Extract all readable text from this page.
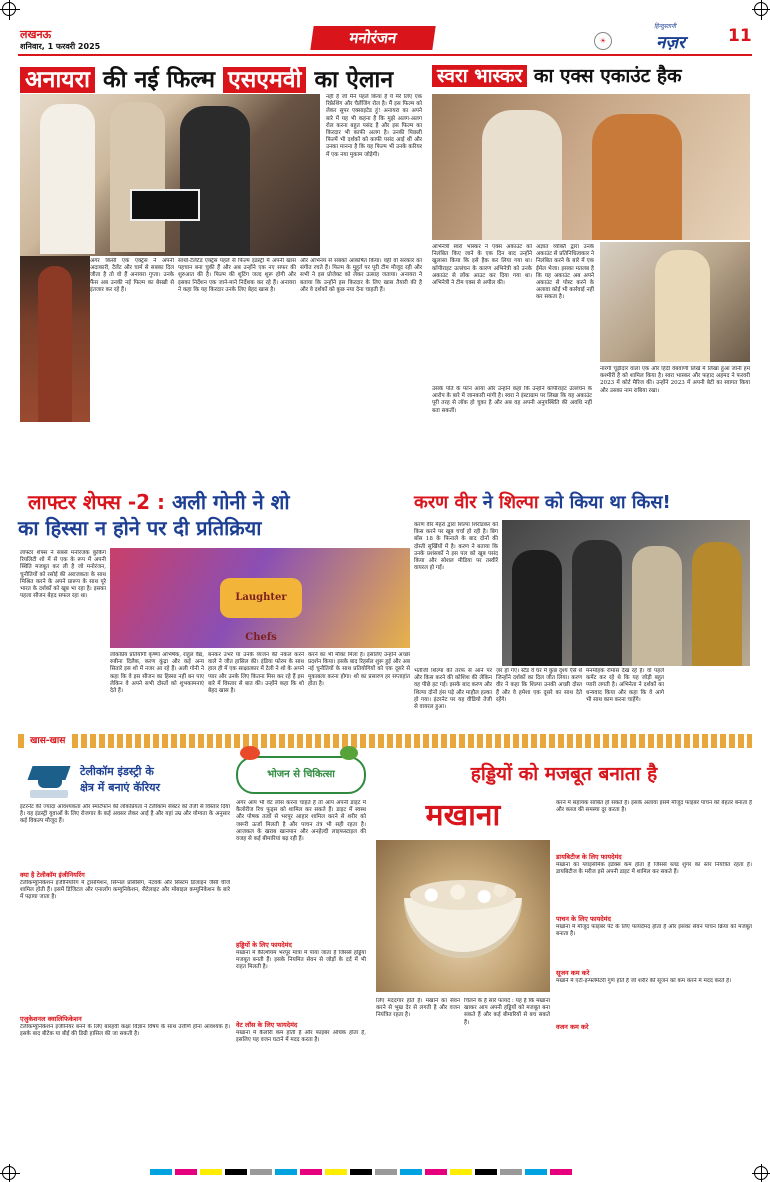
लखनऊ
शनिवार, 1 फरवरी 2025	मनोरंजन	☀
हिन्दुस्तानी
नज़र	11
अनायरा की नई फिल्म एसएमवी का ऐलान
नहीं है जो मैंने पहले किया है ये मेरे लिए एक रिफ्रेशिंग और चैलेंजिंग रोल है। मैं इस फिल्म को लेकर सुपर एक्साइटेड हूं! अनायरा का अपने बारे में यह भी कहना है कि मुझे अलग-अलग रोल करना बहुत पसंद है और इस फिल्म का किरदार भी काफी अलग है। उनकी पिछली फिल्में भी दर्शकों को काफी पसंद आई थीं और उनका मानना है कि यह फिल्म भी उनके करियर में एक नया मुकाम जोड़ेगी।
अगर किसी एक एक्ट्रेस ने अपनी अदाकारी, टैलेंट और चार्म से सबका दिल जीता है तो वो हैं अनायरा गुप्ता। उनके फैंस अब उनकी नई फिल्म का बेसब्री से इंतजार कर रहे हैं।
साथी-टैलेंटेड एक्ट्रेस पहले से फिल्म इंडस्ट्री में अपनी खास पहचान बना चुकी हैं और अब उन्होंने एक नए सफर की शुरुआत की है। फिल्म की शूटिंग जल्द शुरू होगी और इसका निर्देशन एक जाने-माने निर्देशक कर रहे हैं। अनायरा ने कहा कि यह किरदार उनके लिए बेहद खास है।
और अभिनय से सबको आकर्षित किया। वहीं वो सरकार का संगीत रचते हैं। फिल्म के मुहूर्त पर पूरी टीम मौजूद रही और सभी ने इस प्रोजेक्ट को लेकर उत्साह जताया। अनायरा ने बताया कि उन्होंने इस किरदार के लिए खास तैयारी की है और वे दर्शकों को कुछ नया देना चाहती हैं।
स्वरा भास्कर का एक्स एकाउंट हैक
अभिनेत्री स्वरा भास्कर ने एक्स अकाउंट को निलंबित किए जाने के एक दिन बाद उन्होंने खुलासा किया कि इसे हैक कर लिया गया था। कॉपीराइट उल्लंघन के कारण अभिनेत्री को उनके अकाउंट से लॉक आउट कर दिया गया था। अभिनेत्री ने टीम एक्स से अपील की।
अज्ञात व्यक्ति द्वारा उनके अकाउंट से प्रतिनिधित्वकार ने निलंबित करने के बारे में एक ईमेल भेजा। इसका मतलब है कि यह अकाउंट अब अपने अकाउंट से पोस्ट करने के अलावा कोई भी कार्रवाई नहीं कर सकता है।
उसके पति के फोन आया और उन्होंने कहा कि उन्होंने कॉपीराइट उल्लंघन के आरोप के बारे में जानकारी मांगी है। स्वरा ने इंस्टाग्राम पर लिखा कि यह अकाउंट पूरी तरह से लॉक हो चुका है और अब वह अपनी अनुपस्थिति की अवधि नहीं बता सकतीं।
नारंगी चूड़ीदार वाला एक और हिंदी वेबवाणी लिखे में लिखा हुआ जानी हम कश्मीरी है को शामिल किया है। स्वरा भास्कर और फहाद अहमद ने फरवरी 2023 में कोर्ट मैरिज की। उन्होंने 2023 में अपनी बेटी का स्वागत किया और उसका नाम राबिया रखा।
लाफ्टर शेफ्स -2 : अली गोनी ने शो
का हिस्सा न होने पर दी प्रतिक्रिया
लाफ्टर शेफ्स ने सबसे मनोरंजक कुकिंग रियलिटी शो में से एक के रूप में अपनी स्थिति मजबूत कर ली है जो मनोरंजन, चुनौतियों को रसोई की अराजकता के साथ मिश्रित करने के अपने प्रारूप के साथ पूरे भारत के दर्शकों को खूब भा रहा है। इसका पहला सीजन बेहद सफल रहा था।	Laughter Chefs
लोकप्रिय प्रतियोगी कृष्णा अभिषेक, राहुल वैद्य, रुबीना दिलैक, करण कुंद्रा और कई अन्य सितारे इस शो में नजर आ रहे हैं। अली गोनी ने कहा कि वे इस सीजन का हिस्सा नहीं बन पाए लेकिन वे अपने सभी दोस्तों को शुभकामनाएं देते हैं।
बनकर उभरे या उनके व्यंजन की नकल करने वाले ने जीत हासिल की। इंडिया फोरम के साथ हाल ही में एक साक्षात्कार में टेली ने शो के अपने प्यार और उनके लिए कितना मिस कर रहे हैं इस बारे में विस्तार से बात की। उन्होंने कहा कि शो बेहद खास है।
करने का भी मौका मिला है। इसलिए उन्होंने अच्छा प्रदर्शन किया। इसके बाद रिहर्सल शुरू हुई और अब नई चुनौतियों के साथ प्रतियोगियों को एक दूसरे से मुकाबला करना होगा। शो का प्रसारण हर सप्ताहांत होता है।
करण वीर ने शिल्पा को किया था किस!
करण वीर मेहरा द्वारा शिल्पा शिरोडकर को किस करने पर खूब चर्चा हो रही है। बिग बॉस 18 के फिनाले के बाद दोनों की दोस्ती सुर्खियों में है। करण ने बताया कि उनके प्रशंसकों ने इस पल को खूब पसंद किया और सोशल मीडिया पर तस्वीरें वायरल हो गईं।
भतीजी शिल्पा की तरफ से आने पर और किस करने की कोशिश की लेकिन वह पीछे हट गईं। इसके बाद करण और शिल्पा दोनों हंस पड़े और माहौल हल्का हो गया। इंटरनेट पर यह वीडियो तेजी से वायरल हुआ।
ज़र हो गए। स्टैंड वे घर में कुछ दृश्य ऐसे थे जिन्होंने दर्शकों का दिल जीत लिया। करण वीर ने कहा कि शिल्पा उनकी अच्छी दोस्त हैं और वे हमेशा एक दूसरे का साथ देते रहेंगे।
मनमोहक रोमांस देख रहे हैं। वो पहले कमेंट कर रहे थे कि यह जोड़ी बहुत प्यारी लगती है। अभिनेता ने दर्शकों का धन्यवाद किया और कहा कि वे आगे भी साथ काम करना चाहेंगे।
खास-खास
टेलीकॉम इंडस्ट्री के
क्षेत्र में बनाएं कॅरियर
इंटरनेट की ज्यादा आवश्यकता और स्मार्टफोन की लोकप्रियता ने टेलीकॉम सेक्टर को तेजी से विस्तार दिया है। यह इंडस्ट्री युवाओं के लिए रोजगार के कई अवसर लेकर आई है और यहां उम्र और योग्यता के अनुसार कई विकल्प मौजूद हैं।
क्या है टेलीकॉम इंजीनियरिंग
टेलीकम्युनिकेशन इंजीनियरिंग में ट्रांसमिशन, सिग्नल प्रोसेसिंग, नेटवर्क और सिस्टम डिजाइन जैसी चीजें शामिल होती हैं। इसमें डिजिटल और एनालॉग कम्युनिकेशन, सैटेलाइट और मोबाइल कम्युनिकेशन के बारे में पढ़ाया जाता है।
एजुकेशनल क्वालिफिकेशन
टेलीकम्युनिकेशन इंजीनियर बनने के लिए बारहवीं कक्षा विज्ञान विषय के साथ उत्तीर्ण होना आवश्यक है। इसके बाद बीटेक या बीई की डिग्री हासिल की जा सकती है।
भोजन से चिकित्सा
अगर आप भी वेट लॉस करना चाहते हैं तो आप अपनी डाइट में कैलोरीज रिच फूड्स को शामिल कर सकते हैं। डाइट में स्वस्थ और पोषक तत्वों से भरपूर आहार शामिल करने से शरीर को जरूरी ऊर्जा मिलती है और पाचन तंत्र भी सही रहता है। आजकल के खराब खानपान और अनहेल्दी लाइफस्टाइल की वजह से कई बीमारियां बढ़ रही हैं।
हड्डियों के लिए फायदेमंद
मखाना में कैल्शियम भरपूर मात्रा में पाया जाता है जिससे हड्डियां मजबूत बनती हैं। इसके नियमित सेवन से जोड़ों के दर्द में भी राहत मिलती है।
वेट लॉस के लिए फायदेमंद
मखाना में कैलोरी कम होती है और फाइबर अधिक होता है, इसलिए यह वजन घटाने में मदद करता है।
हड्डियों को मजबूत बनाता है
मखाना	करने में सहायक साबित हो सकते हैं। इसके अलावा इसमें मौजूद फाइबर पाचन को बेहतर बनाता है और कब्ज की समस्या दूर करता है।
डायबिटीज के लिए फायदेमंद
मखाना का ग्लाइसेमिक इंडेक्स कम होता है जिससे ब्लड शुगर का स्तर नियंत्रित रहता है। डायबिटीज के मरीज इसे अपनी डाइट में शामिल कर सकते हैं।
पाचन के लिए फायदेमंद
मखाना में मौजूद फाइबर पेट के लिए फायदेमंद होता है और इसका सेवन पाचन क्रिया को मजबूत बनाता है।
सूजन कम करे
मखाने में एंटी-इन्फ्लेमेटरी गुण होते हैं जो शरीर की सूजन को कम करने में मदद करते हैं।
वजन कम करे
लिए मददगार होते हैं। मखाने का सेवन करने से भूख देर से लगती है और वजन नियंत्रित रहता है।
चिलने के हैं सारे फायदे : यह है कि मखाना खाकर आप अपनी हड्डियों को मजबूत बना सकते हैं और कई बीमारियों से बच सकते हैं।
